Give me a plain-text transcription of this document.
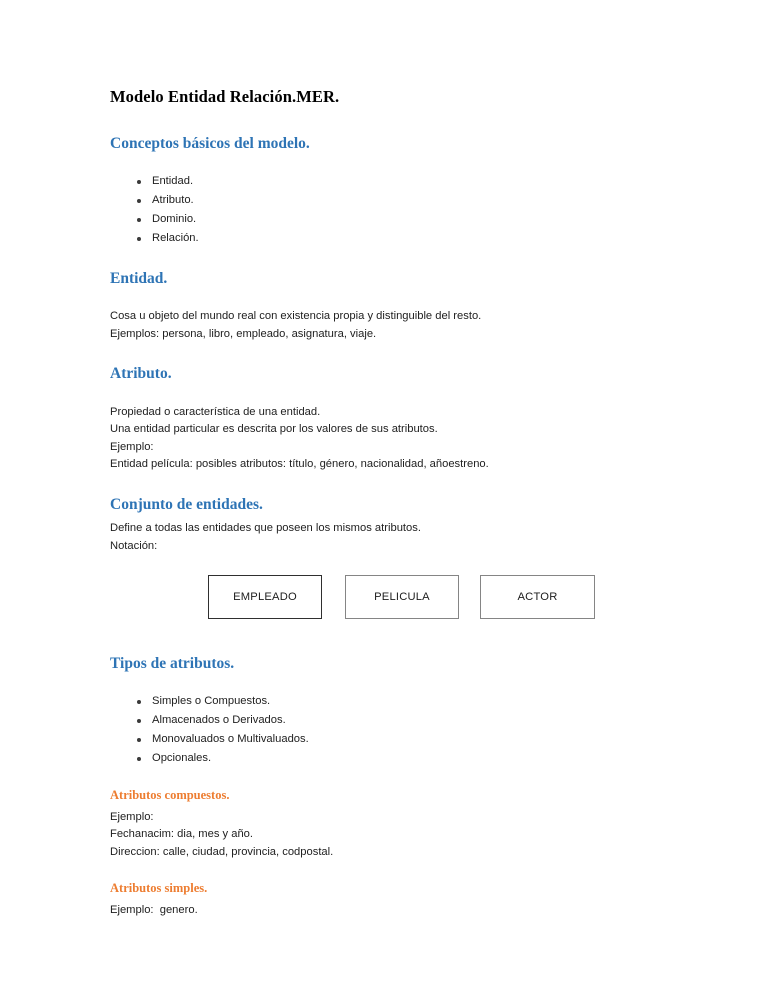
Modelo Entidad Relación.MER.
Conceptos básicos del modelo.
Entidad.
Atributo.
Dominio.
Relación.
Entidad.

Cosa u objeto del mundo real con existencia propia y distinguible del resto.

Ejemplos: persona, libro, empleado, asignatura, viaje.

Atributo.

Propiedad o característica de una entidad.

Una entidad particular es descrita por los valores de sus atributos.

Ejemplo:

Entidad película: posibles atributos: título, género, nacionalidad, añoestreno.

Conjunto de entidades.

Define a todas las entidades que poseen los mismos atributos.

Notación:

EMPLEADO	PELICULA	ACTOR
Tipos de atributos.
Simples o Compuestos.
Almacenados o Derivados.
Monovaluados o Multivaluados.
Opcionales.
Atributos compuestos.

Ejemplo:

Fechanacim: dia, mes y año.

Direccion: calle, ciudad, provincia, codpostal.

Atributos simples.

Ejemplo:  genero.
